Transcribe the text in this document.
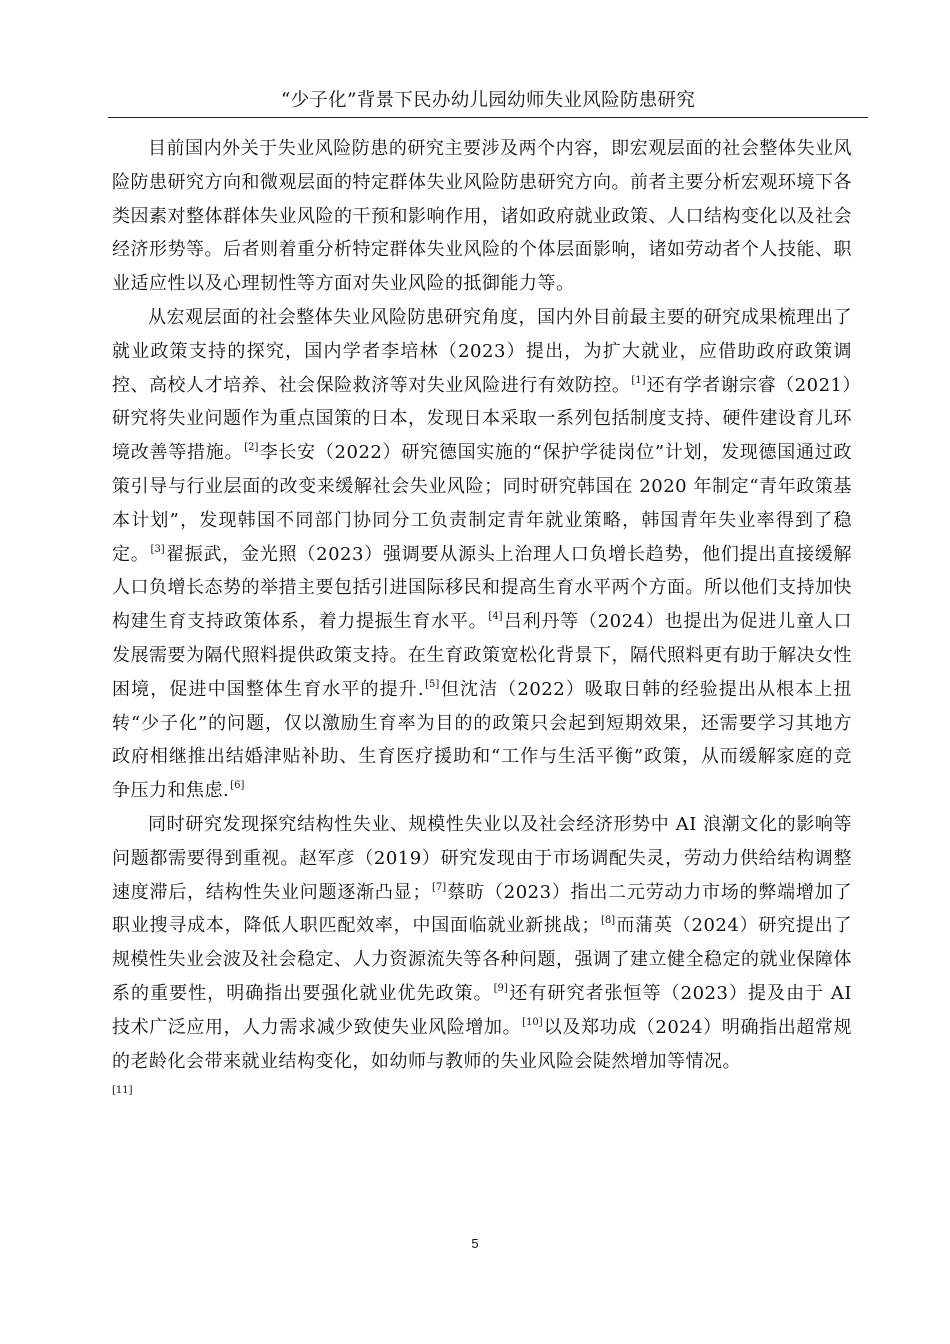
“少子化”背景下民办幼儿园幼师失业风险防患研究

目前国内外关于失业风险防患的研究主要涉及两个内容，即宏观层面的社会整体失业风险防患研究方向和微观层面的特定群体失业风险防患研究方向。前者主要分析宏观环境下各类因素对整体群体失业风险的干预和影响作用，诸如政府就业政策、人口结构变化以及社会经济形势等。后者则着重分析特定群体失业风险的个体层面影响，诸如劳动者个人技能、职业适应性以及心理韧性等方面对失业风险的抵御能力等。

从宏观层面的社会整体失业风险防患研究角度，国内外目前最主要的研究成果梳理出了就业政策支持的探究，国内学者李培林（2023）提出，为扩大就业，应借助政府政策调控、高校人才培养、社会保险救济等对失业风险进行有效防控。[1]还有学者谢宗睿（2021）研究将失业问题作为重点国策的日本，发现日本采取一系列包括制度支持、硬件建设育儿环境改善等措施。[2]李长安（2022）研究德国实施的“保护学徒岗位”计划，发现德国通过政策引导与行业层面的改变来缓解社会失业风险；同时研究韩国在 2020 年制定“青年政策基本计划”，发现韩国不同部门协同分工负责制定青年就业策略，韩国青年失业率得到了稳定。[3]翟振武，金光照（2023）强调要从源头上治理人口负增长趋势，他们提出直接缓解人口负增长态势的举措主要包括引进国际移民和提高生育水平两个方面。所以他们支持加快构建生育支持政策体系，着力提振生育水平。[4]吕利丹等（2024）也提出为促进儿童人口发展需要为隔代照料提供政策支持。在生育政策宽松化背景下，隔代照料更有助于解决女性困境，促进中国整体生育水平的提升.[5]但沈洁（2022）吸取日韩的经验提出从根本上扭转“少子化”的问题，仅以激励生育率为目的的政策只会起到短期效果，还需要学习其地方政府相继推出结婚津贴补助、生育医疗援助和“工作与生活平衡”政策，从而缓解家庭的竞争压力和焦虑.[6]

同时研究发现探究结构性失业、规模性失业以及社会经济形势中 AI 浪潮文化的影响等问题都需要得到重视。赵军彦（2019）研究发现由于市场调配失灵，劳动力供给结构调整速度滞后，结构性失业问题逐渐凸显；[7]蔡昉（2023）指出二元劳动力市场的弊端增加了职业搜寻成本，降低人职匹配效率，中国面临就业新挑战；[8]而蒲英（2024）研究提出了规模性失业会波及社会稳定、人力资源流失等各种问题，强调了建立健全稳定的就业保障体系的重要性，明确指出要强化就业优先政策。[9]还有研究者张恒等（2023）提及由于 AI 技术广泛应用，人力需求减少致使失业风险增加。[10]以及郑功成（2024）明确指出超常规的老龄化会带来就业结构变化，如幼师与教师的失业风险会陡然增加等情况。

[11]
5
